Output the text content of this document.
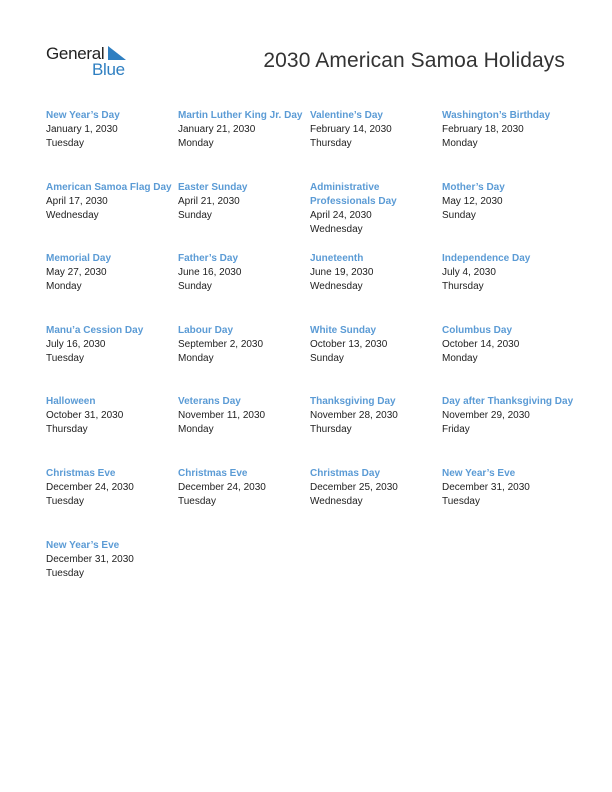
General
Blue	2030 American Samoa Holidays
New Year’s Day
January 1, 2030
Tuesday
Martin Luther King Jr. Day
January 21, 2030
Monday
Valentine’s Day
February 14, 2030
Thursday
Washington’s Birthday
February 18, 2030
Monday
American Samoa Flag Day
April 17, 2030
Wednesday
Easter Sunday
April 21, 2030
Sunday
Administrative Professionals Day
April 24, 2030
Wednesday
Mother’s Day
May 12, 2030
Sunday
Memorial Day
May 27, 2030
Monday
Father’s Day
June 16, 2030
Sunday
Juneteenth
June 19, 2030
Wednesday
Independence Day
July 4, 2030
Thursday
Manu’a Cession Day
July 16, 2030
Tuesday
Labour Day
September 2, 2030
Monday
White Sunday
October 13, 2030
Sunday
Columbus Day
October 14, 2030
Monday
Halloween
October 31, 2030
Thursday
Veterans Day
November 11, 2030
Monday
Thanksgiving Day
November 28, 2030
Thursday
Day after Thanksgiving Day
November 29, 2030
Friday
Christmas Eve
December 24, 2030
Tuesday
Christmas Eve
December 24, 2030
Tuesday
Christmas Day
December 25, 2030
Wednesday
New Year’s Eve
December 31, 2030
Tuesday
New Year’s Eve
December 31, 2030
Tuesday
